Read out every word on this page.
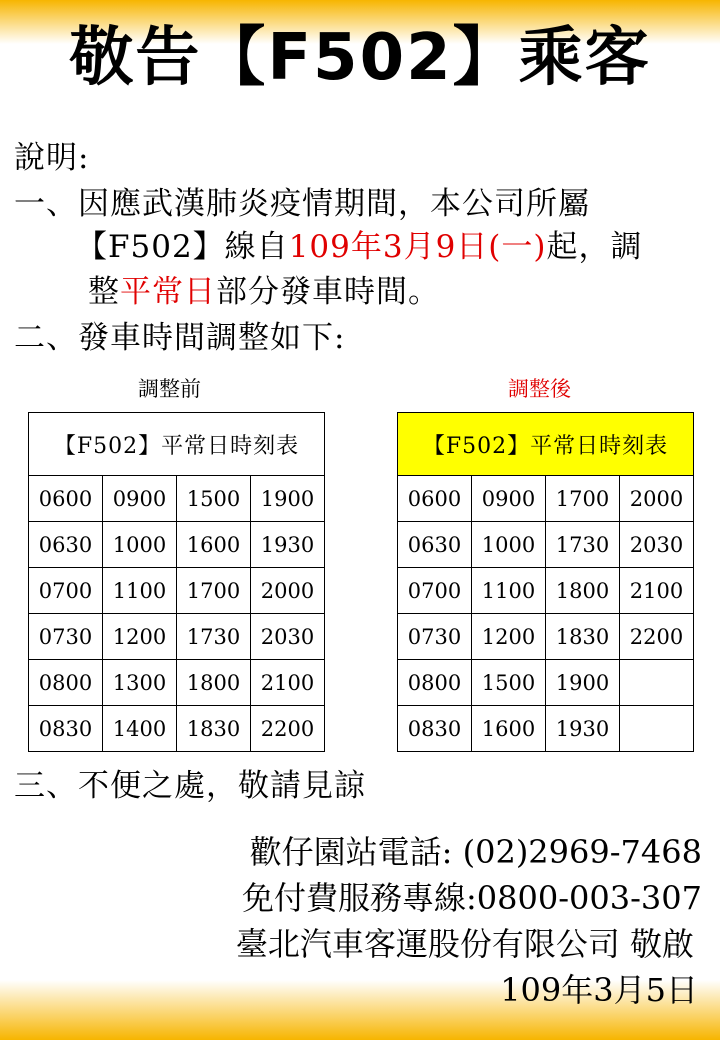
敬告【F502】乘客
說明:
一、因應武漢肺炎疫情期間，本公司所屬
【F502】線自109年3月9日(一)起，調
整平常日部分發車時間。
二、發車時間調整如下:
調整前	調整後
【F502】平常日時刻表			
0600	0900	1500	1900
0630	1000	1600	1930
0700	1100	1700	2000
0730	1200	1730	2030
0800	1300	1800	2100
0830	1400	1830	2200
【F502】平常日時刻表			
0600	0900	1700	2000
0630	1000	1730	2030
0700	1100	1800	2100
0730	1200	1830	2200
0800	1500	1900	
0830	1600	1930	
三、不便之處，敬請見諒
歡仔園站電話: (02)2969-7468
免付費服務專線:0800-003-307
臺北汽車客運股份有限公司 敬啟
109年3月5日
